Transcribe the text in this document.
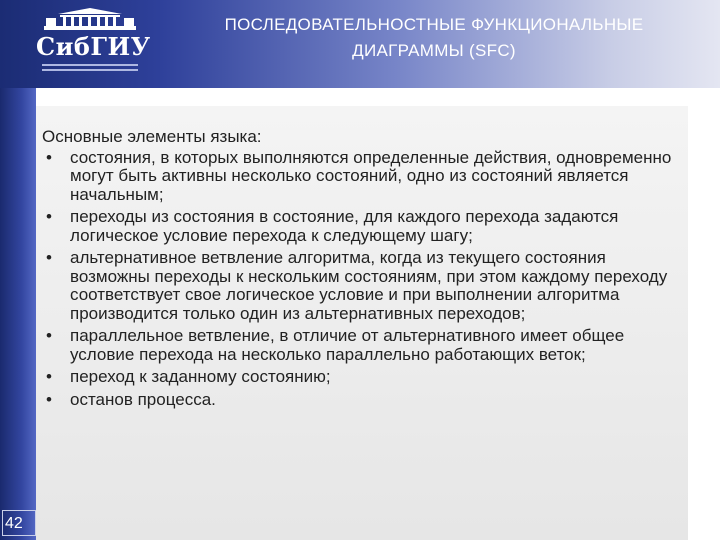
СибГИУ
ПОСЛЕДОВАТЕЛЬНОСТНЫЕ ФУНКЦИОНАЛЬНЫЕ
ДИАГРАММЫ (SFC)
Основные элементы языка:
• состояния, в которых выполняются определенные действия, одновременно могут быть активны несколько состояний, одно из состояний является начальным;
• переходы из состояния в состояние, для каждого перехода задаются логическое условие перехода к следующему шагу;
• альтернативное ветвление алгоритма, когда из текущего состояния возможны переходы к нескольким состояниям, при этом каждому переходу соответствует свое логическое условие и при выполнении алгоритма производится только один из альтернативных переходов;
• параллельное ветвление, в отличие от альтернативного имеет общее условие перехода на несколько параллельно работающих веток;
• переход к заданному состоянию;
• останов процесса.
42
